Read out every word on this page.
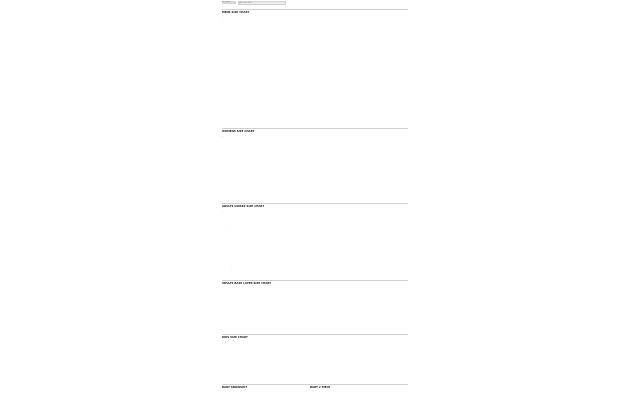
SIZE CHARTS
Home / Size Charts
MENS SIZE CHART
JACKETS / SHELLS/RAINSHELL / FLEECES	XXS	XS	S	M	L	XL	XXL	3XL(XXXL)	4XL(XXXXL)
CHEST SIZE (INCHES)	30	32	34	36	38	40	42	44	46
CHEST (CM)	78	82	88	94	100	106	112	118	124
US EQUIVALENT	XS	S	M	M	L	XL	XXL	3XL	4XL
EU EQUIVALENT	42	44	46	48	50	52	54	56	58
MEN'S SOLEMATERIAL / LEGWEAR	XS	S	M	L	XL	XXL	3XL	4XL	5XL
WAIST SIZE (INCHES)	26-28	28-30	30	30-32	32	34-36	36-38	38-40	40-42
WAIST SIZE (CM)	66-71	71-76	76	76-81	81	86-91	91-97	97-102	102-107
US EQUIVALENT	28	30	32	34	36	38	40	42	44
EU EQUIVALENT	44	46	48	50	52	54	56	58	60
INSEAM REGULAR (INCHES)	30	30	31	31	32	32	32	33	33
INSEAM LONG (INCHES)	31-32	31-33	32-33	33-34	33-34	34-35	34-35	35-36	35-36
MEN'S TROUSERS / SKI BIBS (ALL MEASUREMENTS) XS	S	M	L	XL	XXL	3XL	4XL	5XL
US WAIST	28-29	30-31	32-33	34-35	36-37	38-39	40-41	42-43	44-45
EUROPE	44	46	48	50	52	54	56	58	60
FRANCE	38	40	42	44	46	48	50	52	54
ITALY	44	46	48	50	52	54	56	58	60
FREE-SWIMS AND MEASURED PLEATED
REGULAR	30"	30"	31"	31"	32"	32"	32"	33"	33"
LONG	32"	32"	33"	33"	34"	34"	34"	35"	35"
BASE LAYER BOTTOMS	XS	S	M	L	XL	XXL	3XL	4XL
US WAIST	28-29	30-31	32-33	34-35	36-37	38-39	40-41	42-43
EUROPE	44	46	48	50	52	54	56	58
FRANCE	38	40	42	44	46	48	50	52
UK	28	30	32	34	36	38	40	42
WOMENS SIZE CHART
JACKETS / SHELLS/RAINSHELL	2	4	6	8	10	12	14	16	18
WOMENS BODY/TRUNKS (INCHES)	XXS	XS	S	S	M	M	L	XL	XXL
BUST SIZE (INCHES)	32	33	34	35	36	37	39	41	43
CHEST SIZE (CM)	81	84	86	89	91	94	99	104	109
US EQUIVALENT	0	2	4	6	8	10	12	14	16
EU EQUIVALENT	32	34	36	38	40	42	44	46	48
UK EQUIVALENT	4	6	8	10	12	14	16	18	20
WOMENS SOLEMATERIAL / LEGWEAR/PANTS
WAIST SIZE (INCHES)	24	25	26	27	28	29	31	33	35
WAIST SIZE (CM)	61	64	66	69	71	74	79	84	89
HIP SIZE (INCHES)	34	35	36	37	38	39	41	43	45
US EQUIVALENT	0	2	4	6	8	10	12	14	16
EU EQUIVALENT	32	34	36	38	40	42	44	46	48
INSEAM REGULAR (INCHES)	29-30	29-30	30-31	30-31	30-31	31-32	31-32	31-32	31-32
INSEAM LONG (INCHES)	31-32	31-32	32-33	32-33	32-33	33-34	33-34	33-34	33-34
ADULTS UNISEX SIZE CHART
JACKETS / BODYWARMERS	XXS	XS	S	M	L	XL	XXL	3XL	4XL
WOMENS / UNISEX
US CHEST	30-32in	32-34in	34-36in	36-38in	38-40in	40-42in	42-44in	44-46in	46-48in
UK EQUIVALENT	XXS	XS	S	M	L	XL	XXL	3XL	4XL
EU EQUIVALENT	44	46	48	50	52	54	56	58	60
MENS EQUIVALENT (EU)	44	46	48	50	52	54	56	58	60
WOMENS EQUIVALENT (UK)	6	8	10	12	14	16	18	20	22
WOMENS EQUIVALENT (EU)	34	36	38	40	42	44	46	48	50
UNISEX PANTS	XXS	XS	S	M	L	XL	XXL	3XL	4XL
US WAIST (INCHES)	24-26	26-28	28-30	30-32	32-34	34-36	36-38	38-40	40-42
US WAIST (CM)	61-66	66-71	71-76	76-81	81-86	86-91	91-97	97-102	102-107
HIP (INCHES)	33-35	35-37	37-39	39-41	41-43	43-45	45-47	47-49	49-51
UK EQUIVALENT	XXS	XS	S	M	L	XL	XXL	3XL	4XL
EU EQUIVALENT	42	44	46	48	50	52	54	56	58
MENS EQUIVALENT (EU)	42	44	46	48	50	52	54	56	58
WOMENS EQUIVALENT (UK)	6	8	10	12	14	16	18	20	22
WOMENS EQUIVALENT (EU)	34	36	38	40	42	44	46	48	50
ADULTS BASE LAYER SIZE CHART
BASE BODY/LAYER T	S/M	L/XL	XXL/3XL
TOPS (CHEST INCHES)	34-38	40-44	46-50
UK EQUIVALENT	S/M	L/XL	XXL
EU EQUIVALENT	46-48	50-52	54-56
BASE BODY/LAYER PANTS	S/M	L/XL	XXL/3XL
WAIST (INCHES)	28-32	34-38	40-44
UK EQUIVALENT	S/M	L/XL	XXL
EU EQUIVALENT	46-48	50-52	54-56
WOMENS BASE BODY T	S/M	M/L	XL/XXL
UK SIZE	8-10	12-14	16-18
EU EQUIVALENT	36-38	40-42	44-46
WOMENS BASE BODY PANTS	S/M	M/L	XL/XXL
UK SIZE	8-10	12-14	16-18
EU EQUIVALENT	36-38	40-42	44-46
KIDS SIZE CHART
KIDS SIZES
AGE SIZE - YEARS	2	3-4	5-6	7-8	9-10	11-12	13-14	14-16	ADULT XS
TROUSER WAIST SIZE	21	22	23	24	25	26	27	28	29
HEIGHT (CM)	92	104	116	128	140	152	164	170	176
CHEST SIZE INCHES	21	22	24	26	28	30	32	33	34
CHEST SIZE (CM)	53	56	61	66	71	76	81	84	86
WAIST SIZE INCHES	20	21	22	23	24	25	26	27	28
WAIST SIZE (CM)	51	53	56	58	61	64	66	69	71
INSIDE LEG INCHES	15	17	19	21	23	25	27	29	30
INSIDE LEG (CM)	38	43	48	53	58	64	69	74	76
EU SIZE	98	110	122	134	146	158	164	170	176
BABY SNOWSUIT
SIZE	HEIGHT	SIZE	HEIGHT
6-12 MONTHS	UP TO 74cm	6-12 MONTHS	UP TO 74cm
12-18 MONTHS	UP TO 80cm	12-18 MONTHS	UP TO 80cm
18-24 MONTHS	UP TO 86cm	18-24 MONTHS	UP TO 86cm
24-36 MONTHS	UP TO 92cm	24-36 MONTHS	UP TO 92cm
BABY 2 PIECE
